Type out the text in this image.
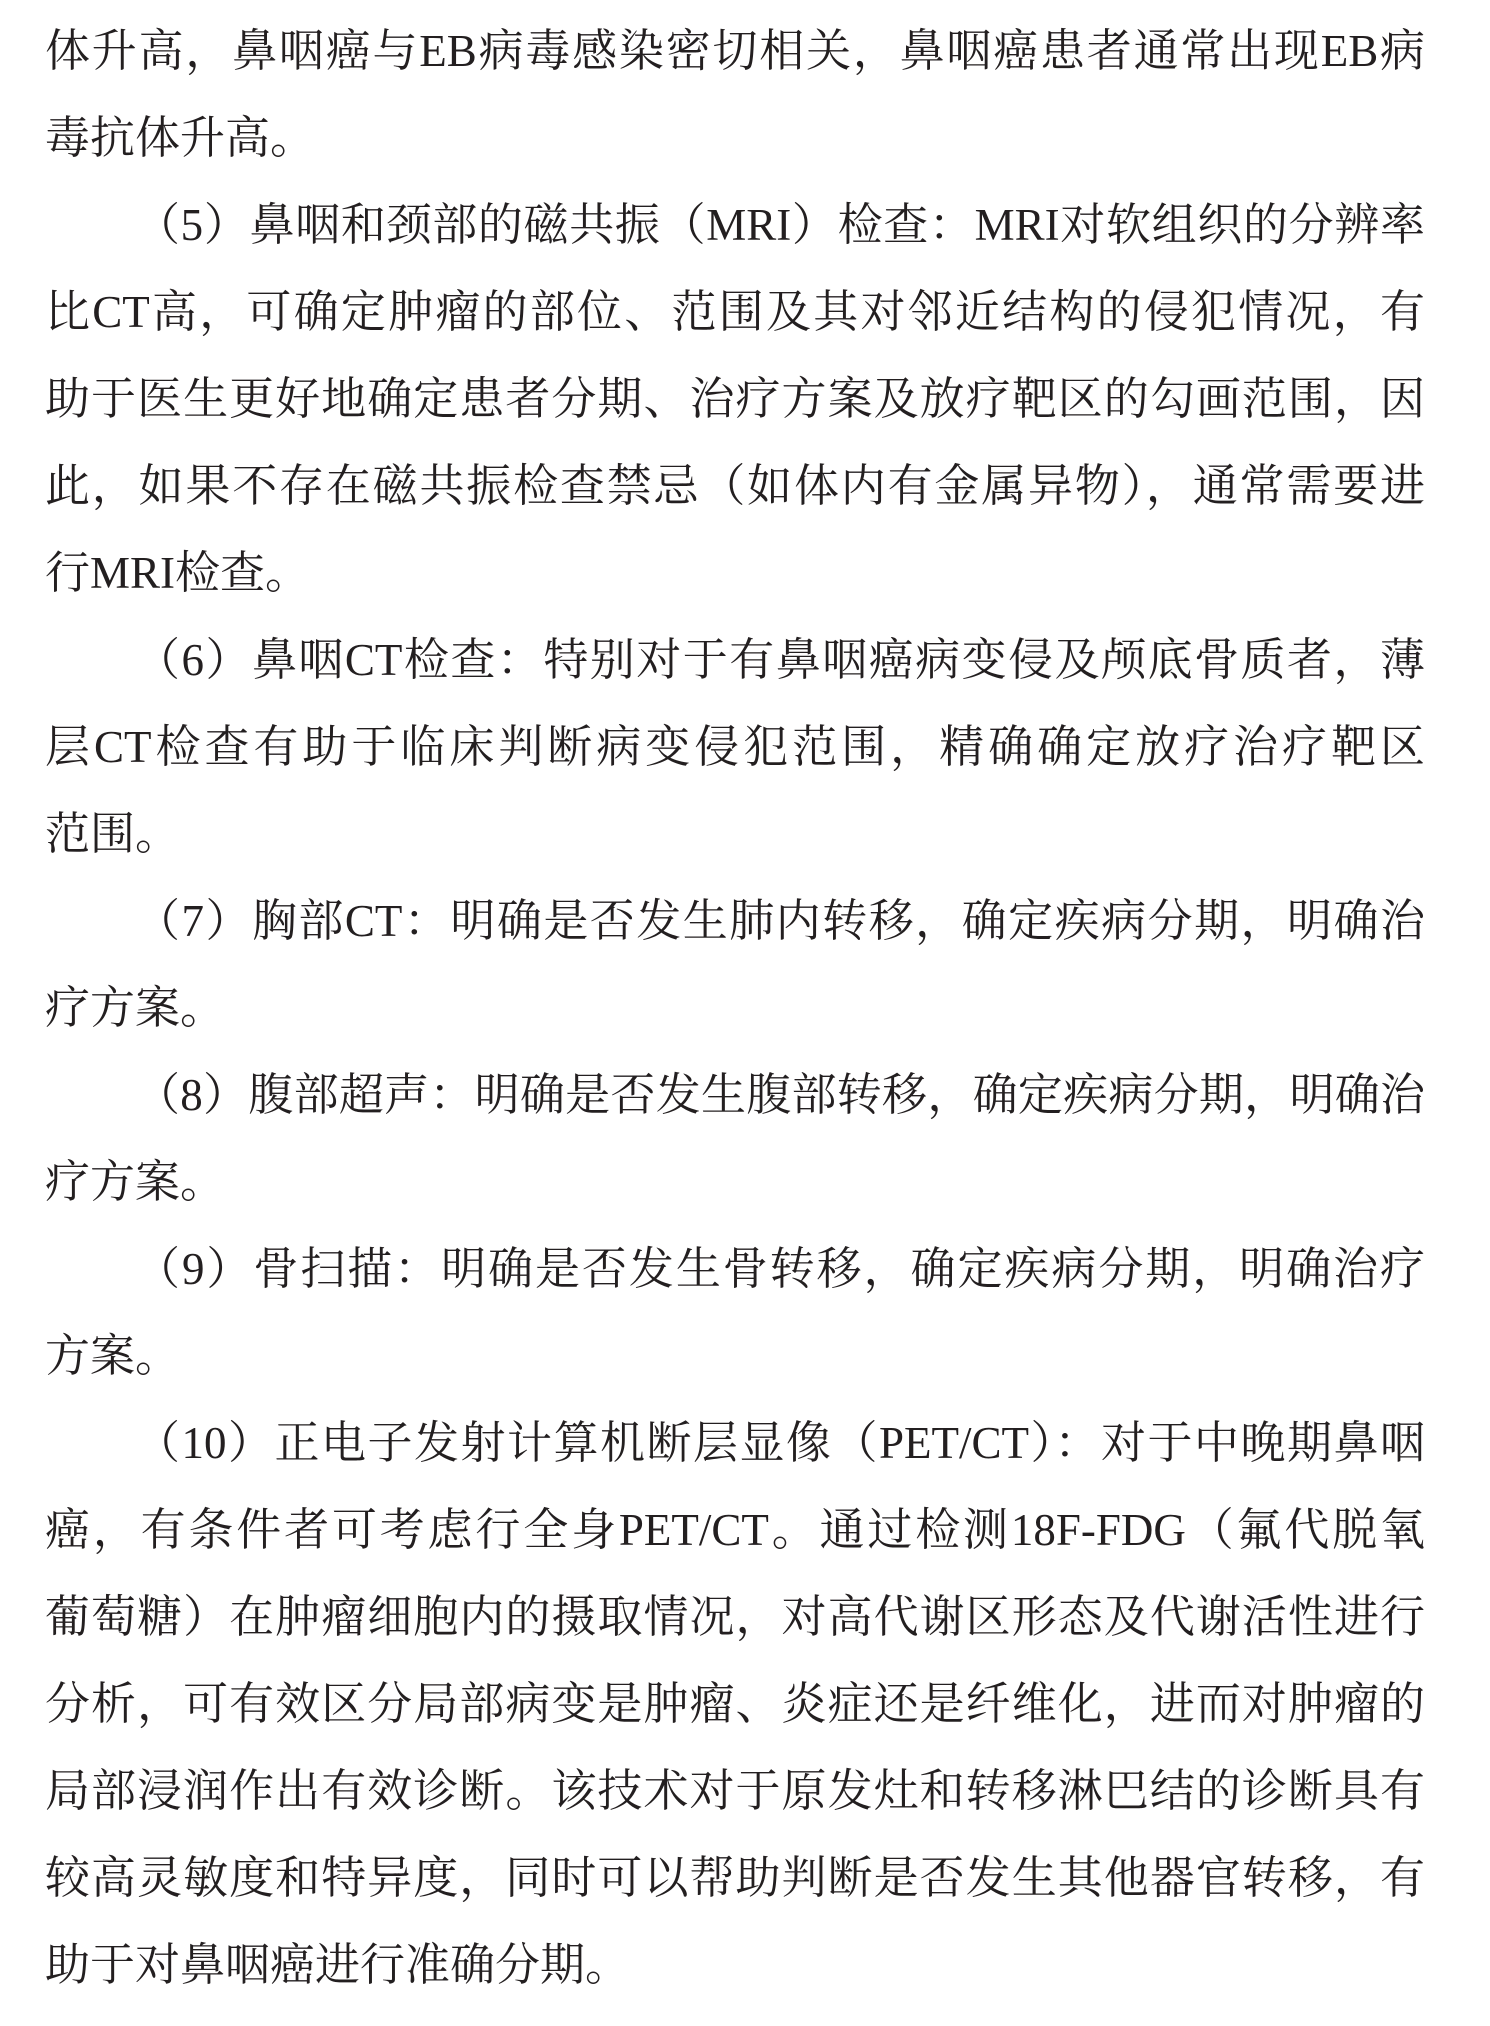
体升高，鼻咽癌与EB病毒感染密切相关，鼻咽癌患者通常出现EB病
毒抗体升高。
（5）鼻咽和颈部的磁共振（MRI）检查：MRI对软组织的分辨率
比CT高，可确定肿瘤的部位、范围及其对邻近结构的侵犯情况，有
助于医生更好地确定患者分期、治疗方案及放疗靶区的勾画范围，因
此，如果不存在磁共振检查禁忌（如体内有金属异物），通常需要进
行MRI检查。
（6）鼻咽CT检查：特别对于有鼻咽癌病变侵及颅底骨质者，薄
层CT检查有助于临床判断病变侵犯范围，精确确定放疗治疗靶区
范围。
（7）胸部CT：明确是否发生肺内转移，确定疾病分期，明确治
疗方案。
（8）腹部超声：明确是否发生腹部转移，确定疾病分期，明确治
疗方案。
（9）骨扫描：明确是否发生骨转移，确定疾病分期，明确治疗
方案。
（10）正电子发射计算机断层显像（PET/CT）：对于中晚期鼻咽
癌，有条件者可考虑行全身PET/CT。通过检测18F-FDG（氟代脱氧
葡萄糖）在肿瘤细胞内的摄取情况，对高代谢区形态及代谢活性进行
分析，可有效区分局部病变是肿瘤、炎症还是纤维化，进而对肿瘤的
局部浸润作出有效诊断。该技术对于原发灶和转移淋巴结的诊断具有
较高灵敏度和特异度，同时可以帮助判断是否发生其他器官转移，有
助于对鼻咽癌进行准确分期。
